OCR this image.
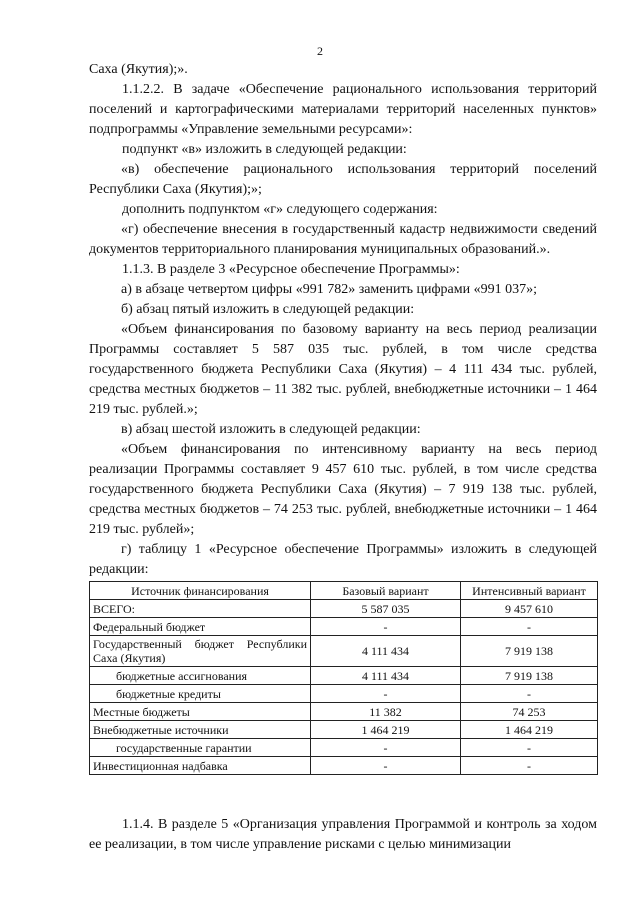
2

Саха (Якутия);».

1.1.2.2. В задаче «Обеспечение рационального использования территорий поселений и картографическими материалами территорий населенных пунктов» подпрограммы «Управление земельными ресурсами»:

подпункт «в» изложить в следующей редакции:

«в) обеспечение рационального использования территорий поселений Республики Саха (Якутия);»;

дополнить подпунктом «г» следующего содержания:

«г) обеспечение внесения в государственный кадастр недвижимости сведений документов территориального планирования муниципальных образований.».

1.1.3. В разделе 3 «Ресурсное обеспечение Программы»:

а) в абзаце четвертом цифры «991 782» заменить цифрами «991 037»;

б) абзац пятый изложить в следующей редакции:

«Объем финансирования по базовому варианту на весь период реализации Программы составляет 5 587 035 тыс. рублей, в том числе средства государственного бюджета Республики Саха (Якутия) – 4 111 434 тыс. рублей, средства местных бюджетов – 11 382 тыс. рублей, внебюджетные источники – 1 464 219 тыс. рублей.»;

в) абзац шестой изложить в следующей редакции:

«Объем финансирования по интенсивному варианту на весь период реализации Программы составляет 9 457 610 тыс. рублей, в том числе средства государственного бюджета Республики Саха (Якутия) – 7 919 138 тыс. рублей, средства местных бюджетов – 74 253 тыс. рублей, внебюджетные источники – 1 464 219 тыс. рублей»;

г) таблицу 1 «Ресурсное обеспечение Программы» изложить в следующей редакции:

Источник финансирования	Базовый вариант	Интенсивный вариант
ВСЕГО:	5 587 035	9 457 610
Федеральный бюджет	-	-
Государственный бюджет Республики Саха (Якутия)	4 111 434	7 919 138
бюджетные ассигнования	4 111 434	7 919 138
бюджетные кредиты	-	-
Местные бюджеты	11 382	74 253
Внебюджетные источники	1 464 219	1 464 219
государственные гарантии	-	-
Инвестиционная надбавка	-	-

1.1.4. В разделе 5 «Организация управления Программой и контроль за ходом ее реализации, в том числе управление рисками с целью минимизации
